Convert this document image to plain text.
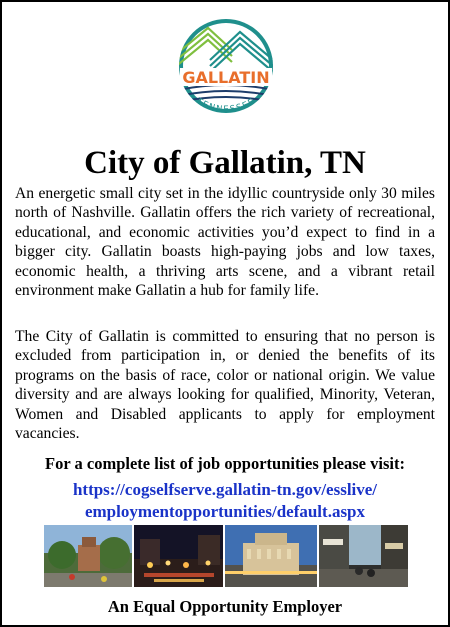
GALLATIN
TENNESSEE
City of Gallatin, TN

An energetic small city set in the idyllic countryside only 30 miles north of Nashville. Gallatin offers the rich variety of recreational, educational, and economic activities you’d expect to find in a bigger city. Gallatin boasts high-paying jobs and low taxes, economic health, a thriving arts scene, and a vibrant retail environment make Gallatin a hub for family life.

The City of Gallatin is committed to ensuring that no person is excluded from participation in, or denied the benefits of its programs on the basis of race, color or national origin. We value diversity and are always looking for qualified, Minority, Veteran, Women and Disabled applicants to apply for employment vacancies.

For a complete list of job opportunities please visit:

https://cogselfserve.gallatin-tn.gov/esslive/
employmentopportunities/default.aspx

An Equal Opportunity Employer
